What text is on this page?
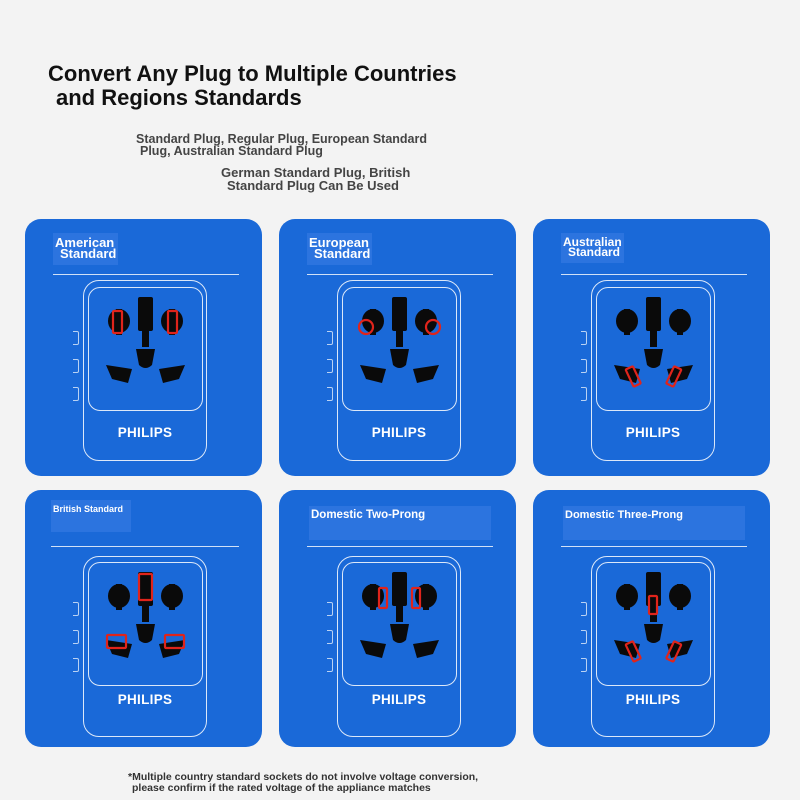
Convert Any Plug to Multiple Countries
and Regions Standards
Standard Plug, Regular Plug, European Standard
Plug, Australian Standard Plug
German Standard Plug, British
Standard Plug Can Be Used
American
Standard
PHILIPS
European
Standard
PHILIPS
Australian
Standard
PHILIPS
British Standard
PHILIPS
Domestic Two-Prong
PHILIPS
Domestic Three-Prong
PHILIPS
*Multiple country standard sockets do not involve voltage conversion,
please confirm if the rated voltage of the appliance matches
